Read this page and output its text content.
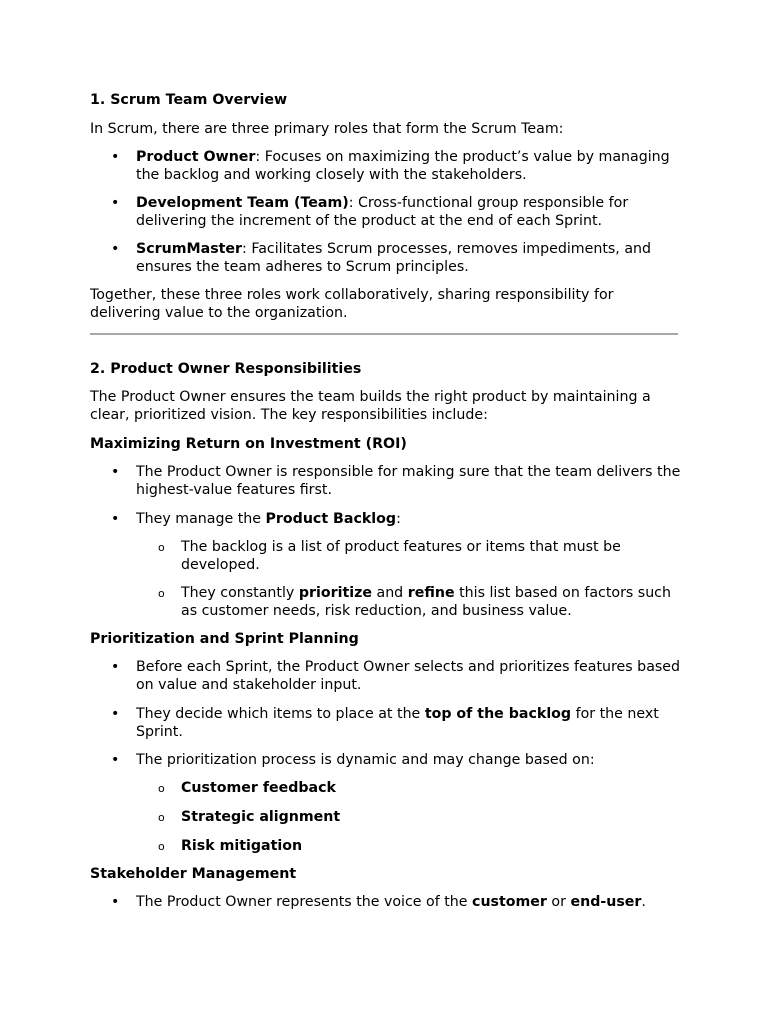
1. Scrum Team Overview

In Scrum, there are three primary roles that form the Scrum Team:

• Product Owner: Focuses on maximizing the product’s value by managing the backlog and working closely with the stakeholders.
• Development Team (Team): Cross-functional group responsible for delivering the increment of the product at the end of each Sprint.
• ScrumMaster: Facilitates Scrum processes, removes impediments, and ensures the team adheres to Scrum principles.

Together, these three roles work collaboratively, sharing responsibility for delivering value to the organization.

2. Product Owner Responsibilities

The Product Owner ensures the team builds the right product by maintaining a clear, prioritized vision. The key responsibilities include:

Maximizing Return on Investment (ROI)
• The Product Owner is responsible for making sure that the team delivers the highest-value features first.
• They manage the Product Backlog:
o The backlog is a list of product features or items that must be developed.
o They constantly prioritize and refine this list based on factors such as customer needs, risk reduction, and business value.
Prioritization and Sprint Planning
• Before each Sprint, the Product Owner selects and prioritizes features based on value and stakeholder input.
• They decide which items to place at the top of the backlog for the next Sprint.
• The prioritization process is dynamic and may change based on:
o Customer feedback
o Strategic alignment
o Risk mitigation
Stakeholder Management
• The Product Owner represents the voice of the customer or end-user.
